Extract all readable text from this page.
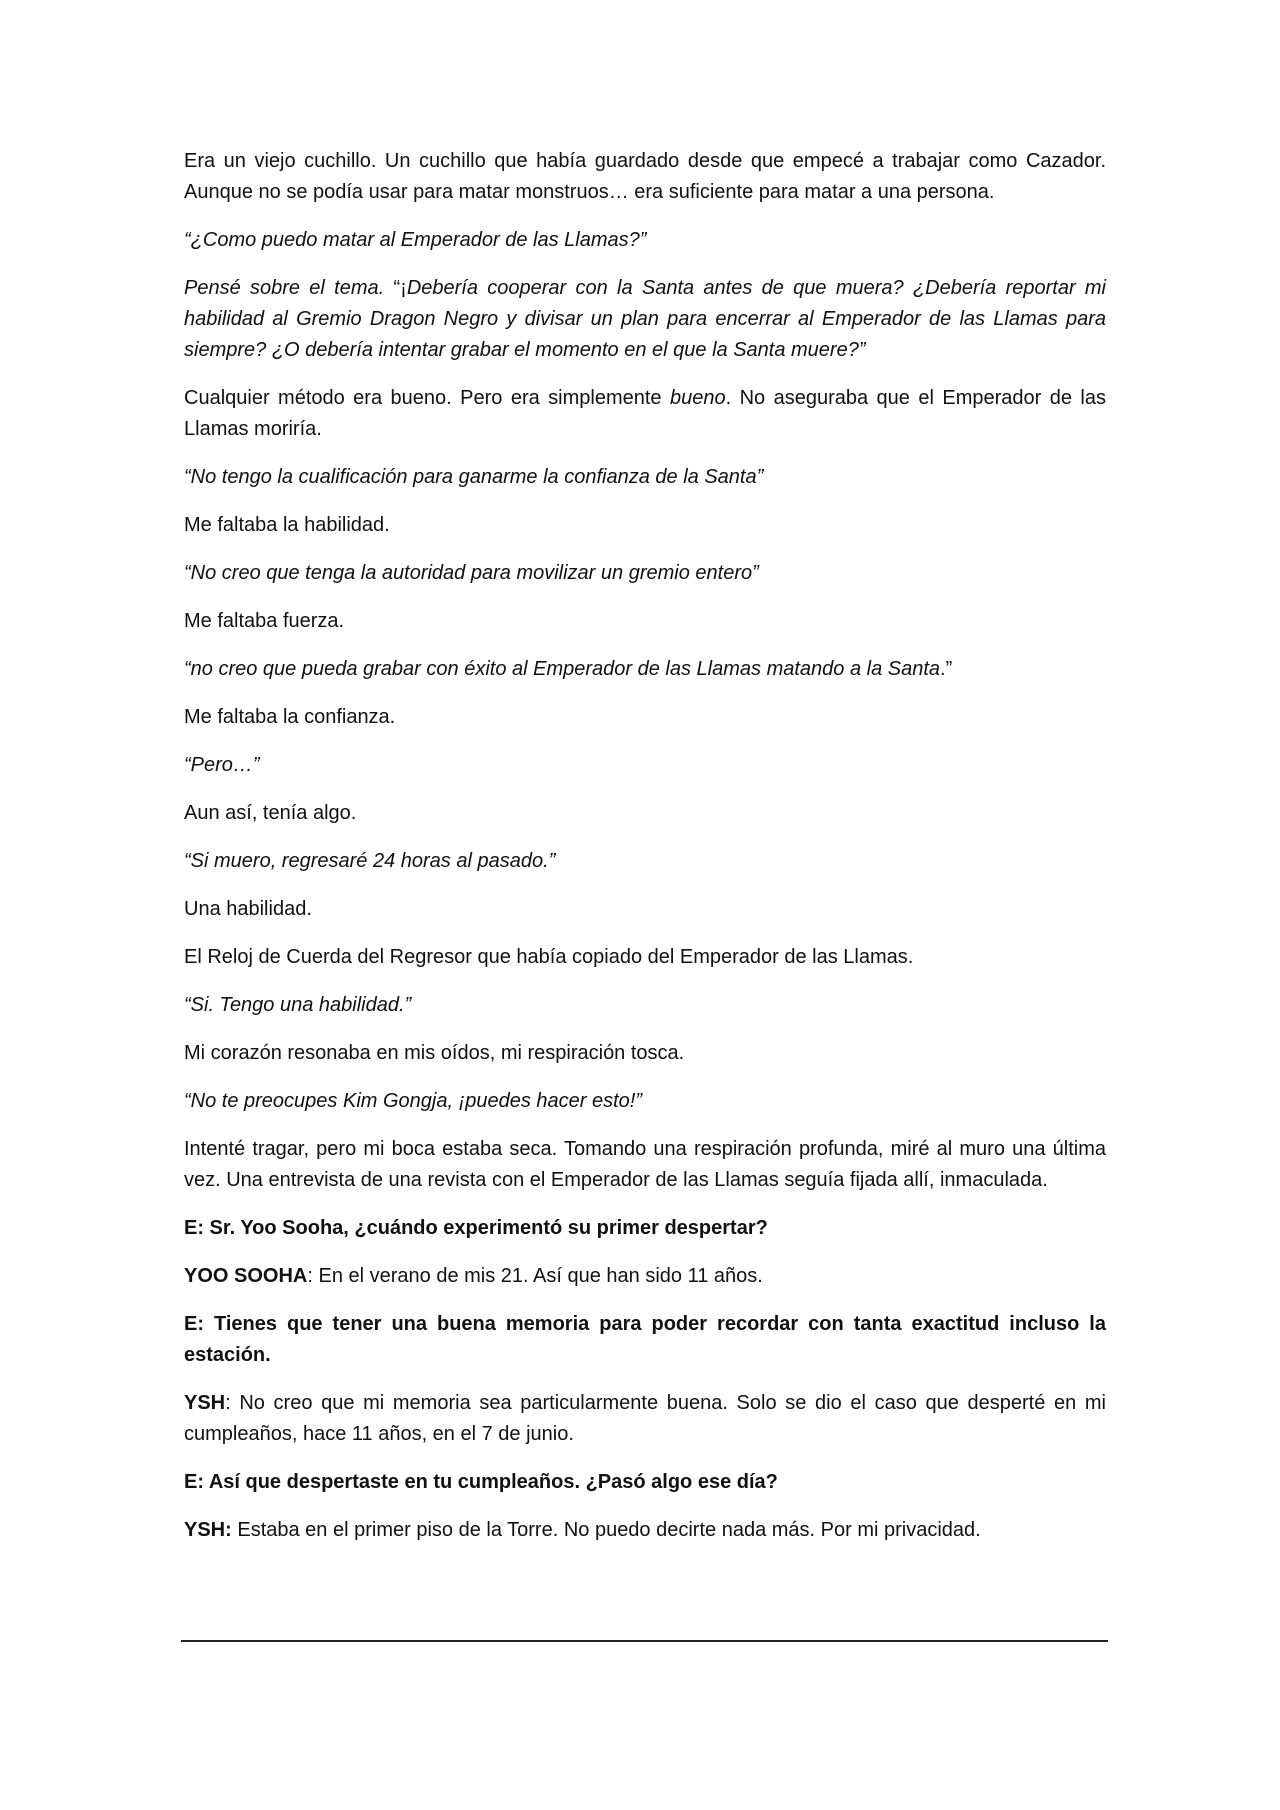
Era un viejo cuchillo. Un cuchillo que había guardado desde que empecé a trabajar como Cazador. Aunque no se podía usar para matar monstruos… era suficiente para matar a una persona.

“¿Como puedo matar al Emperador de las Llamas?”

Pensé sobre el tema. “¡Debería cooperar con la Santa antes de que muera? ¿Debería reportar mi habilidad al Gremio Dragon Negro y divisar un plan para encerrar al Emperador de las Llamas para siempre? ¿O debería intentar grabar el momento en el que la Santa muere?”

Cualquier método era bueno. Pero era simplemente bueno. No aseguraba que el Emperador de las Llamas moriría.

“No tengo la cualificación para ganarme la confianza de la Santa”

Me faltaba la habilidad.

“No creo que tenga la autoridad para movilizar un gremio entero”

Me faltaba fuerza.

“no creo que pueda grabar con éxito al Emperador de las Llamas matando a la Santa.”

Me faltaba la confianza.

“Pero…”

Aun así, tenía algo.

“Si muero, regresaré 24 horas al pasado.”

Una habilidad.

El Reloj de Cuerda del Regresor que había copiado del Emperador de las Llamas.

“Si. Tengo una habilidad.”

Mi corazón resonaba en mis oídos, mi respiración tosca.

“No te preocupes Kim Gongja, ¡puedes hacer esto!”

Intenté tragar, pero mi boca estaba seca. Tomando una respiración profunda, miré al muro una última vez. Una entrevista de una revista con el Emperador de las Llamas seguía fijada allí, inmaculada.

E: Sr. Yoo Sooha, ¿cuándo experimentó su primer despertar?

YOO SOOHA: En el verano de mis 21. Así que han sido 11 años.

E: Tienes que tener una buena memoria para poder recordar con tanta exactitud incluso la estación.

YSH: No creo que mi memoria sea particularmente buena. Solo se dio el caso que desperté en mi cumpleaños, hace 11 años, en el 7 de junio.

E: Así que despertaste en tu cumpleaños. ¿Pasó algo ese día?

YSH: Estaba en el primer piso de la Torre. No puedo decirte nada más. Por mi privacidad.
